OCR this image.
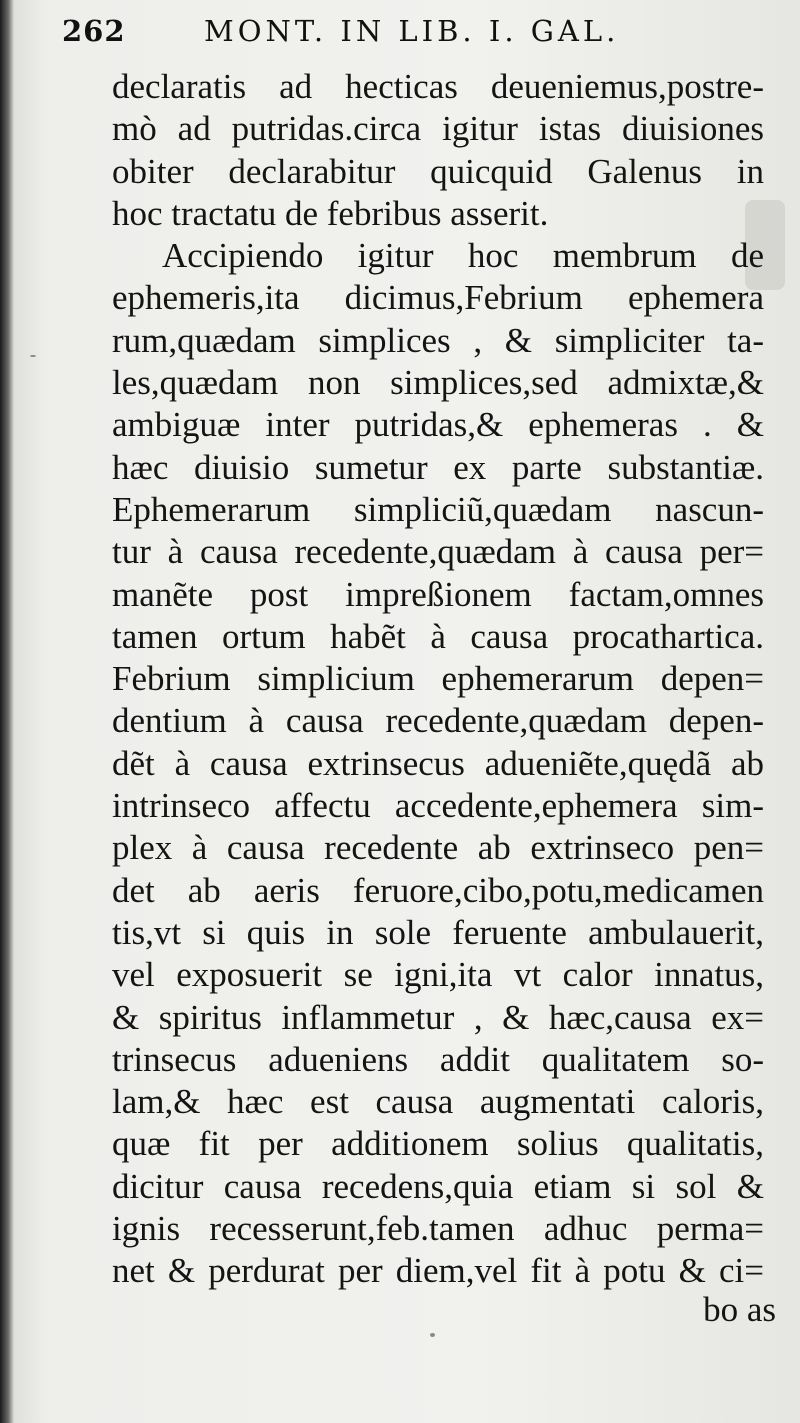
262	MONT. IN LIB. I. GAL.
declaratis ad hecticas deueniemus,postre-
mò ad putridas.circa igitur istas diuisiones
obiter declarabitur quicquid Galenus in
hoc tractatu de febribus asserit.
Accipiendo igitur hoc membrum de
ephemeris,ita dicimus,Febrium ephemera
rum,quædam simplices , & simpliciter ta-
les,quædam non simplices,sed admixtæ,&
ambiguæ inter putridas,& ephemeras . &
hæc diuisio sumetur ex parte substantiæ.
Ephemerarum simpliciũ,quædam nascun-
tur à causa recedente,quædam à causa per=
manẽte post impreßionem factam,omnes
tamen ortum habẽt à causa procathartica.
Febrium simplicium ephemerarum depen=
dentium à causa recedente,quædam depen-
dẽt à causa extrinsecus adueniẽte,quędã ab
intrinseco affectu accedente,ephemera sim-
plex à causa recedente ab extrinseco pen=
det ab aeris feruore,cibo,potu,medicamen
tis,vt si quis in sole feruente ambulauerit,
vel exposuerit se igni,ita vt calor innatus,
& spiritus inflammetur , & hæc,causa ex=
trinsecus adueniens addit qualitatem so-
lam,& hæc est causa augmentati caloris,
quæ fit per additionem solius qualitatis,
dicitur causa recedens,quia etiam si sol &
ignis recesserunt,feb.tamen adhuc perma=
net & perdurat per diem,vel fit à potu & ci=
bo as
